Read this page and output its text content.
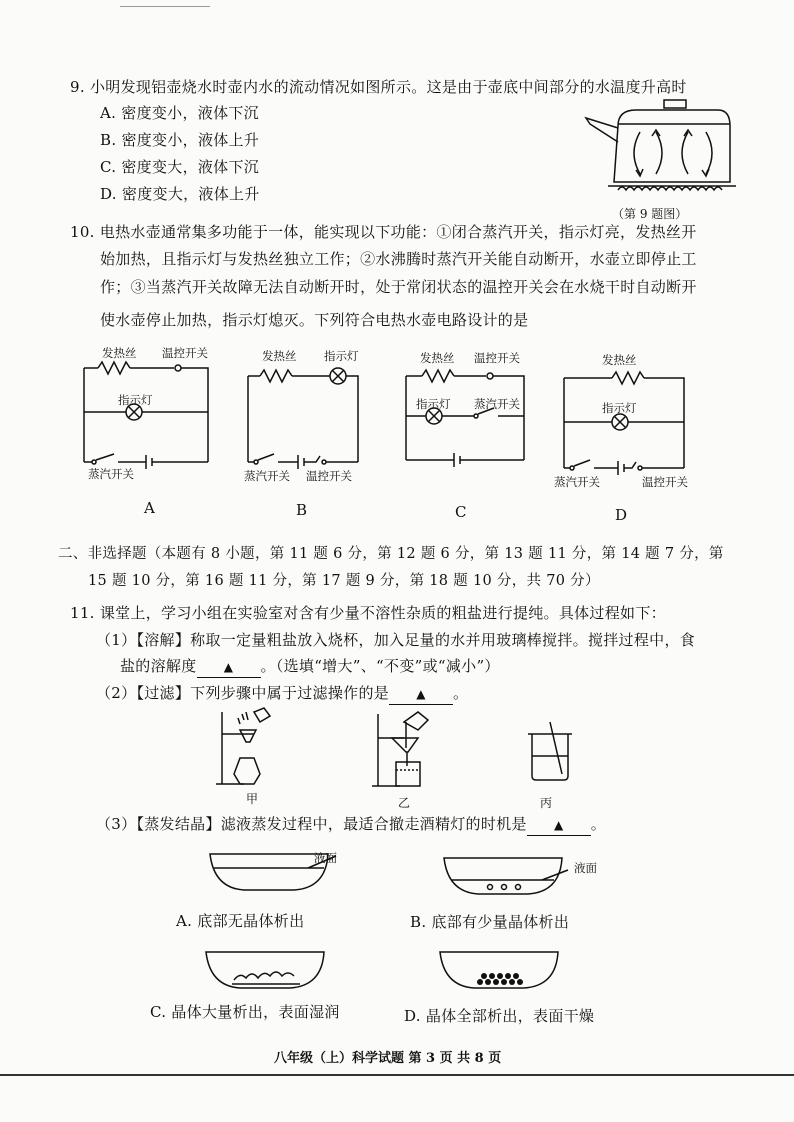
9. 小明发现铝壶烧水时壶内水的流动情况如图所示。这是由于壶底中间部分的水温度升高时
A. 密度变小，液体下沉
B. 密度变小，液体上升
C. 密度变大，液体下沉
D. 密度变大，液体上升
（第 9 题图）
10. 电热水壶通常集多功能于一体，能实现以下功能：①闭合蒸汽开关，指示灯亮，发热丝开
始加热，且指示灯与发热丝独立工作；②水沸腾时蒸汽开关能自动断开，水壶立即停止工
作；③当蒸汽开关故障无法自动断开时，处于常闭状态的温控开关会在水烧干时自动断开
使水壶停止加热，指示灯熄灭。下列符合电热水壶电路设计的是
发热丝 温控开关
指示灯
蒸汽开关
A
发热丝 指示灯
蒸汽开关 温控开关
B
发热丝 温控开关
指示灯 蒸汽开关
C
发热丝
指示灯
蒸汽开关	温控开关
D
二、非选择题（本题有 8 小题，第 11 题 6 分，第 12 题 6 分，第 13 题 11 分，第 14 题 7 分，第
15 题 10 分，第 16 题 11 分，第 17 题 9 分，第 18 题 10 分，共 70 分）
11. 课堂上，学习小组在实验室对含有少量不溶性杂质的粗盐进行提纯。具体过程如下：
（1）【溶解】称取一定量粗盐放入烧杯，加入足量的水并用玻璃棒搅拌。搅拌过程中，食
盐的溶解度 ▲ 。（选填“增大”、“不变”或“减小”）
（2）【过滤】下列步骤中属于过滤操作的是 ▲ 。
甲	乙	丙
（3）【蒸发结晶】滤液蒸发过程中，最适合撤走酒精灯的时机是 ▲ 。
液面
A. 底部无晶体析出
液面
B. 底部有少量晶体析出
C. 晶体大量析出，表面湿润	D. 晶体全部析出，表面干燥
八年级（上）科学试题 第 3 页 共 8 页
